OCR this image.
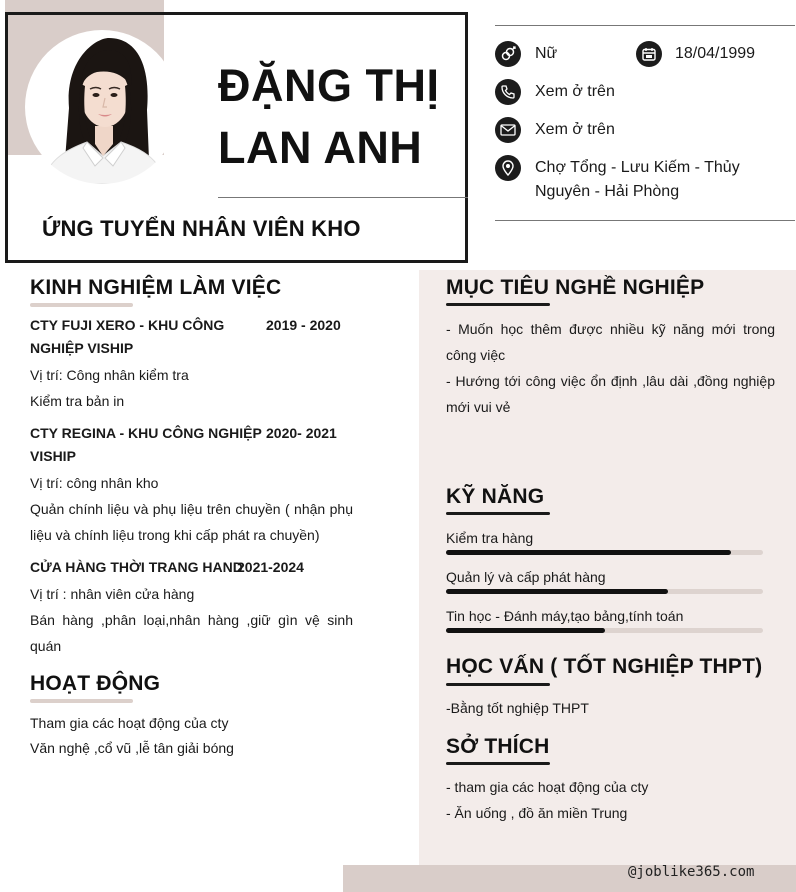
ĐẶNG THỊ
LAN ANH
ỨNG TUYỂN NHÂN VIÊN KHO
Nữ	18/04/1999
Xem ở trên
Xem ở trên
Chợ Tổng - Lưu Kiếm - Thủy
Nguyên - Hải Phòng
@joblike365.com
KINH NGHIỆM LÀM VIỆC
CTY FUJI XERO - KHU CÔNG
NGHIỆP VISHIP
2019 - 2020
Vị trí: Công nhân kiểm tra
Kiểm tra bản in
CTY REGINA - KHU CÔNG NGHIỆP
VISHIP
2020- 2021
Vị trí: công nhân kho
Quản chính liệu và phụ liệu trên chuyền ( nhận phụ liệu và chính liệu trong khi cấp phát ra chuyền)
CỬA HÀNG THỜI TRANG HAND
2021-2024
Vị trí : nhân viên cửa hàng
Bán hàng ,phân loại,nhân hàng ,giữ gìn vệ sinh quán
HOẠT ĐỘNG
Tham gia các hoạt động của cty
Văn nghệ ,cổ vũ ,lễ tân giải bóng
MỤC TIÊU NGHỀ NGHIỆP
- Muốn học thêm được nhiều kỹ năng mới trong công việc
- Hướng tới công việc ổn định ,lâu dài ,đồng nghiệp mới vui vẻ
KỸ NĂNG
Kiểm tra hàng
Quản lý và cấp phát hàng
Tin học - Đánh máy,tạo bảng,tính toán
HỌC VẤN ( TỐT NGHIỆP THPT)
-Bằng tốt nghiệp THPT
SỞ THÍCH
- tham gia các hoạt động của cty
- Ăn uống , đồ ăn miền Trung
